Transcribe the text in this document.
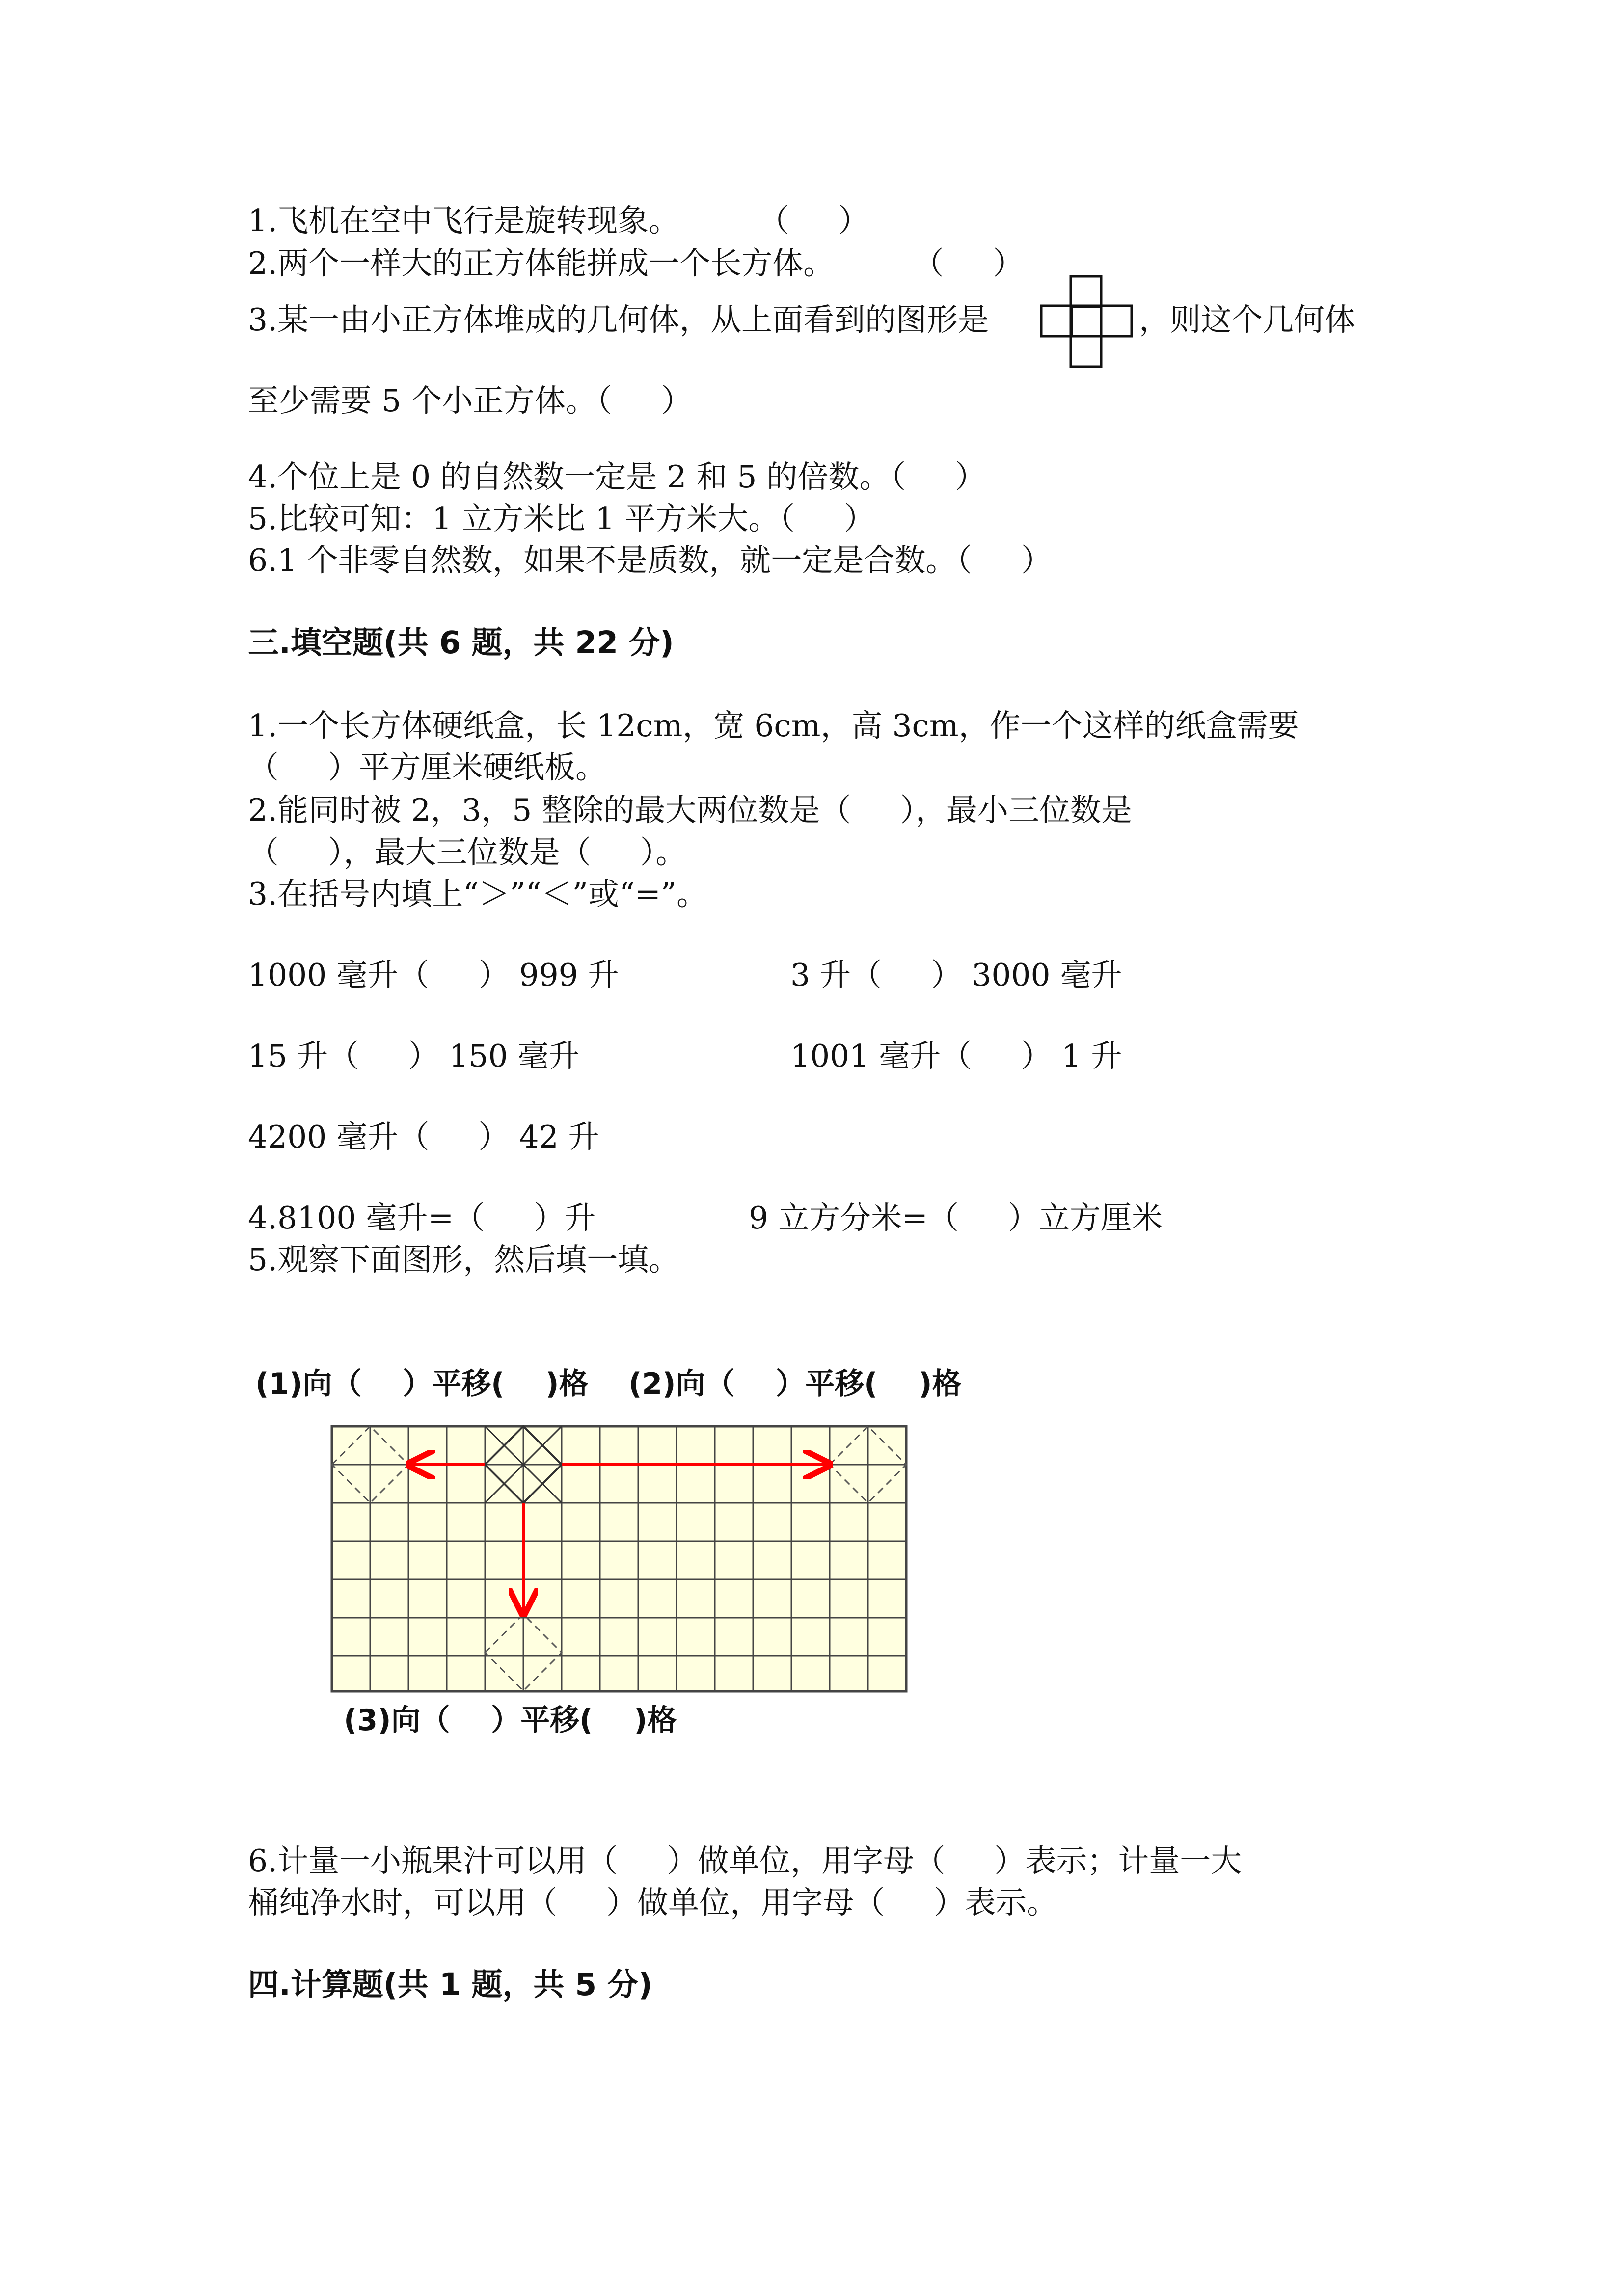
1.飞机在空中飞行是旋转现象。        （     ）
2.两个一样大的正方体能拼成一个长方体。        （     ）
3.某一由小正方体堆成的几何体，从上面看到的图形是	，则这个几何体
至少需要 5 个小正方体。（     ）
4.个位上是 0 的自然数一定是 2 和 5 的倍数。（     ）
5.比较可知：1 立方米比 1 平方米大。（     ）
6.1 个非零自然数，如果不是质数，就一定是合数。（     ）
三.填空题(共 6 题，共 22 分)
1.一个长方体硬纸盒，长 12cm，宽 6cm，高 3cm，作一个这样的纸盒需要
（     ）平方厘米硬纸板。
2.能同时被 2，3，5 整除的最大两位数是（     ），最小三位数是
（     ），最大三位数是（     ）。
3.在括号内填上“＞”“＜”或“=”。
1000 毫升（     ） 999 升	3 升（     ） 3000 毫升
15 升（     ） 150 毫升	1001 毫升（     ） 1 升
4200 毫升（     ） 42 升
4.8100 毫升=（     ）升	9 立方分米=（     ）立方厘米
5.观察下面图形，然后填一填。
(1)向（    ）平移(    )格 (2)向（    ）平移(    )格
(3)向（    ）平移(    )格
6.计量一小瓶果汁可以用（     ）做单位，用字母（     ）表示；计量一大
桶纯净水时，可以用（     ）做单位，用字母（     ）表示。
四.计算题(共 1 题，共 5 分)
